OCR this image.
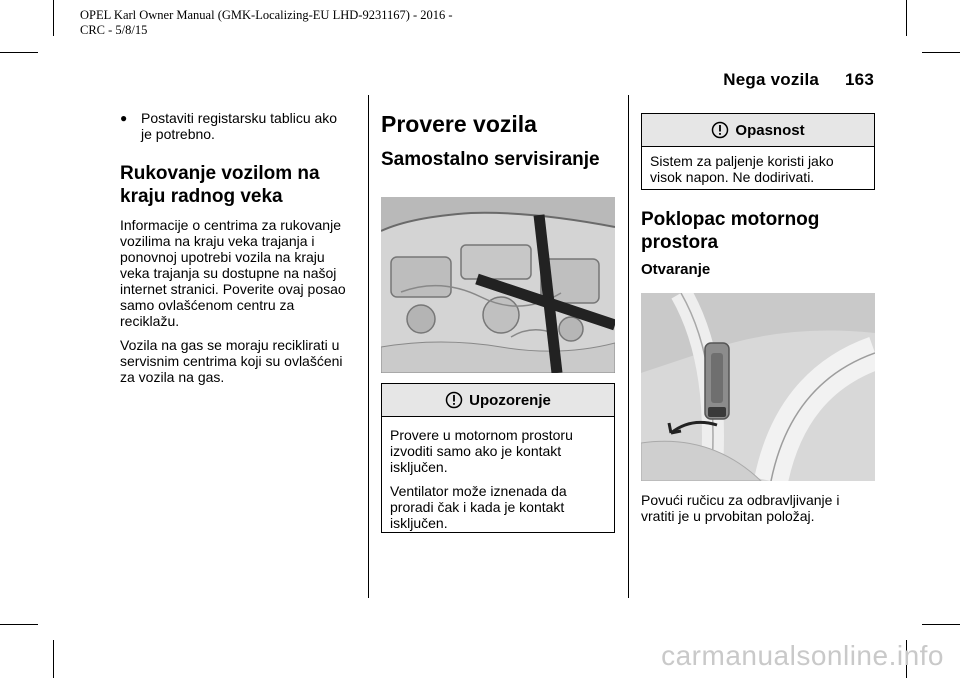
OPEL Karl Owner Manual (GMK-Localizing-EU LHD-9231167) - 2016 -
CRC - 5/8/15
Nega vozila 163
● Postaviti registarsku tablicu ako je potrebno.
Rukovanje vozilom na
kraju radnog veka
Informacije o centrima za rukovanje vozilima na kraju veka trajanja i ponovnoj upotrebi vozila na kraju veka trajanja su dostupne na našoj internet stranici. Poverite ovaj posao samo ovlašćenom centru za reciklažu.
Vozila na gas se moraju reciklirati u servisnim centrima koji su ovlašćeni za vozila na gas.
Provere vozila
Samostalno servisiranje
Upozorenje

Provere u motornom prostoru izvoditi samo ako je kontakt isključen.

Ventilator može iznenada da proradi čak i kada je kontakt isključen.

Opasnost
Sistem za paljenje koristi jako visok napon. Ne dodirivati.
Poklopac motornog
prostora
Otvaranje
Povući ručicu za odbravljivanje i vratiti je u prvobitan položaj.
carmanualsonline.info
